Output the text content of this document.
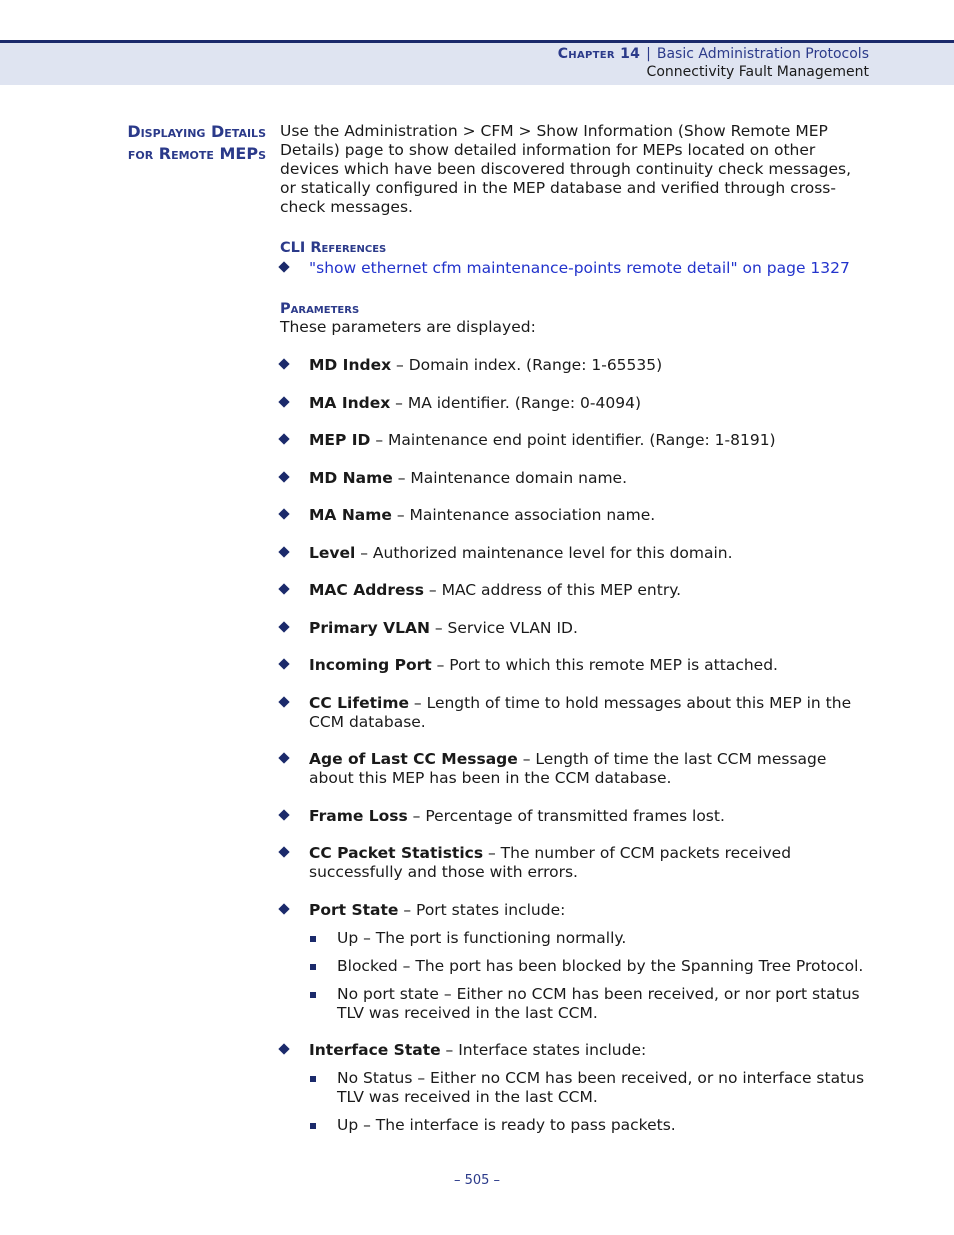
Chapter 14 | Basic Administration Protocols
Connectivity Fault Management
Displaying Details
for Remote MEPs

Use the Administration > CFM > Show Information (Show Remote MEP Details) page to show detailed information for MEPs located on other devices which have been discovered through continuity check messages, or statically configured in the MEP database and verified through cross-check messages.

CLI References
"show ethernet cfm maintenance-points remote detail" on page 1327
Parameters

These parameters are displayed:

MD Index – Domain index. (Range: 1-65535)
MA Index – MA identifier. (Range: 0-4094)
MEP ID – Maintenance end point identifier. (Range: 1-8191)
MD Name – Maintenance domain name.
MA Name – Maintenance association name.
Level – Authorized maintenance level for this domain.
MAC Address – MAC address of this MEP entry.
Primary VLAN – Service VLAN ID.
Incoming Port – Port to which this remote MEP is attached.
CC Lifetime – Length of time to hold messages about this MEP in the CCM database.
Age of Last CC Message – Length of time the last CCM message about this MEP has been in the CCM database.
Frame Loss – Percentage of transmitted frames lost.
CC Packet Statistics – The number of CCM packets received successfully and those with errors.
Port State – Port states include:
Up – The port is functioning normally.
Blocked – The port has been blocked by the Spanning Tree Protocol.
No port state – Either no CCM has been received, or nor port status TLV was received in the last CCM.
Interface State – Interface states include:
No Status – Either no CCM has been received, or no interface status TLV was received in the last CCM.
Up – The interface is ready to pass packets.
– 505 –
